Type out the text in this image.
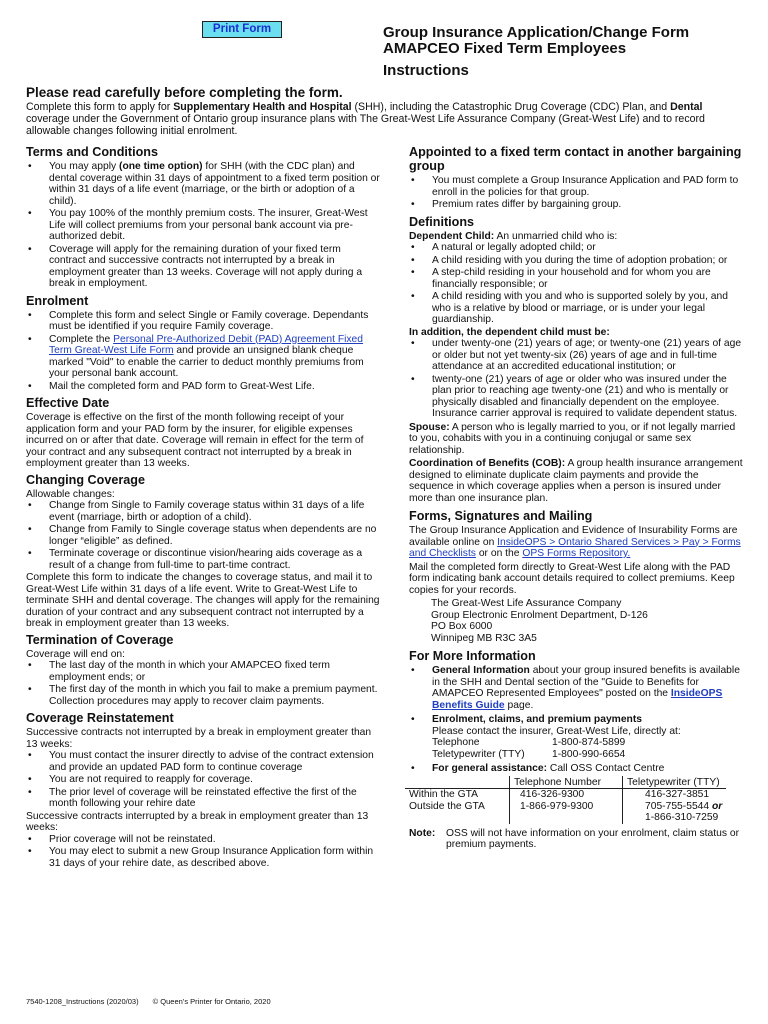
Print Form	Group Insurance Application/Change Form
AMAPCEO Fixed Term Employees
Instructions
Please read carefully before completing the form.

Complete this form to apply for Supplementary Health and Hospital (SHH), including the Catastrophic Drug Coverage (CDC) Plan, and Dental coverage under the Government of Ontario group insurance plans with The Great-West Life Assurance Company (Great-West Life) and to record allowable changes following initial enrolment.

Terms and Conditions
• You may apply (one time option) for SHH (with the CDC plan) and dental coverage within 31 days of appointment to a fixed term position or within 31 days of a life event (marriage, or the birth or adoption of a child).
• You pay 100% of the monthly premium costs. The insurer, Great-West Life will collect premiums from your personal bank account via pre-authorized debit.
• Coverage will apply for the remaining duration of your fixed term contract and successive contracts not interrupted by a break in employment greater than 13 weeks. Coverage will not apply during a break in employment.
Enrolment
• Complete this form and select Single or Family coverage. Dependants must be identified if you require Family coverage.
• Complete the Personal Pre-Authorized Debit (PAD) Agreement Fixed Term Great-West Life Form and provide an unsigned blank cheque marked "Void" to enable the carrier to deduct monthly premiums from your personal bank account.
• Mail the completed form and PAD form to Great-West Life.
Effective Date

Coverage is effective on the first of the month following receipt of your application form and your PAD form by the insurer, for eligible expenses incurred on or after that date. Coverage will remain in effect for the term of your contract and any subsequent contract not interrupted by a break in employment greater than 13 weeks.

Changing Coverage

Allowable changes:

• Change from Single to Family coverage status within 31 days of a life event (marriage, birth or adoption of a child).
• Change from Family to Single coverage status when dependents are no longer “eligible” as defined.
• Terminate coverage or discontinue vision/hearing aids coverage as a result of a change from full-time to part-time contract.

Complete this form to indicate the changes to coverage status, and mail it to Great-West Life within 31 days of a life event. Write to Great-West Life to terminate SHH and dental coverage. The changes will apply for the remaining duration of your contract and any subsequent contract not interrupted by a break in employment greater than 13 weeks.

Termination of Coverage

Coverage will end on:

• The last day of the month in which your AMAPCEO fixed term employment ends; or
• The first day of the month in which you fail to make a premium payment. Collection procedures may apply to recover claim payments.
Coverage Reinstatement

Successive contracts not interrupted by a break in employment greater than 13 weeks:

• You must contact the insurer directly to advise of the contract extension and provide an updated PAD form to continue coverage
• You are not required to reapply for coverage.
• The prior level of coverage will be reinstated effective the first of the month following your rehire date

Successive contracts interrupted by a break in employment greater than 13 weeks:

• Prior coverage will not be reinstated.
• You may elect to submit a new Group Insurance Application form within 31 days of your rehire date, as described above.
Appointed to a fixed term contact in another bargaining group
• You must complete a Group Insurance Application and PAD form to enroll in the policies for that group.
• Premium rates differ by bargaining group.
Definitions

Dependent Child: An unmarried child who is:

• A natural or legally adopted child; or
• A child residing with you during the time of adoption probation; or
• A step-child residing in your household and for whom you are financially responsible; or
• A child residing with you and who is supported solely by you, and who is a relative by blood or marriage, or is under your legal guardianship.

In addition, the dependent child must be:

• under twenty-one (21) years of age; or twenty-one (21) years of age or older but not yet twenty-six (26) years of age and in full-time attendance at an accredited educational institution; or
• twenty-one (21) years of age or older who was insured under the plan prior to reaching age twenty-one (21) and who is mentally or physically disabled and financially dependent on the employee. Insurance carrier approval is required to validate dependent status.

Spouse: A person who is legally married to you, or if not legally married to you, cohabits with you in a continuing conjugal or same sex relationship.

Coordination of Benefits (COB): A group health insurance arrangement designed to eliminate duplicate claim payments and provide the sequence in which coverage applies when a person is insured under more than one insurance plan.

Forms, Signatures and Mailing

The Group Insurance Application and Evidence of Insurability Forms are available online on InsideOPS > Ontario Shared Services > Pay > Forms and Checklists or on the OPS Forms Repository.

Mail the completed form directly to Great-West Life along with the PAD form indicating bank account details required to collect premiums. Keep copies for your records.

The Great-West Life Assurance Company
Group Electronic Enrolment Department, D-126
PO Box 6000
Winnipeg MB R3C 3A5
For More Information
• General Information about your group insured benefits is available in the SHH and Dental section of the "Guide to Benefits for AMAPCEO Represented Employees" posted on the InsideOPS Benefits Guide page.
• Enrolment, claims, and premium payments
Please contact the insurer, Great-West Life, directly at:
Telephone	1-800-874-5899
Teletypewriter (TTY)	1-800-990-6654
• For general assistance: Call OSS Contact Centre
	Telephone Number	Teletypewriter (TTY)
Within the GTA	416-326-9300	416-327-3851
Outside the GTA	1-866-979-9300	705-755-5544 or
1-866-310-7259
Note:	OSS will not have information on your enrolment, claim status or premium payments.
7540-1208_Instructions (2020/03) © Queen’s Printer for Ontario, 2020
